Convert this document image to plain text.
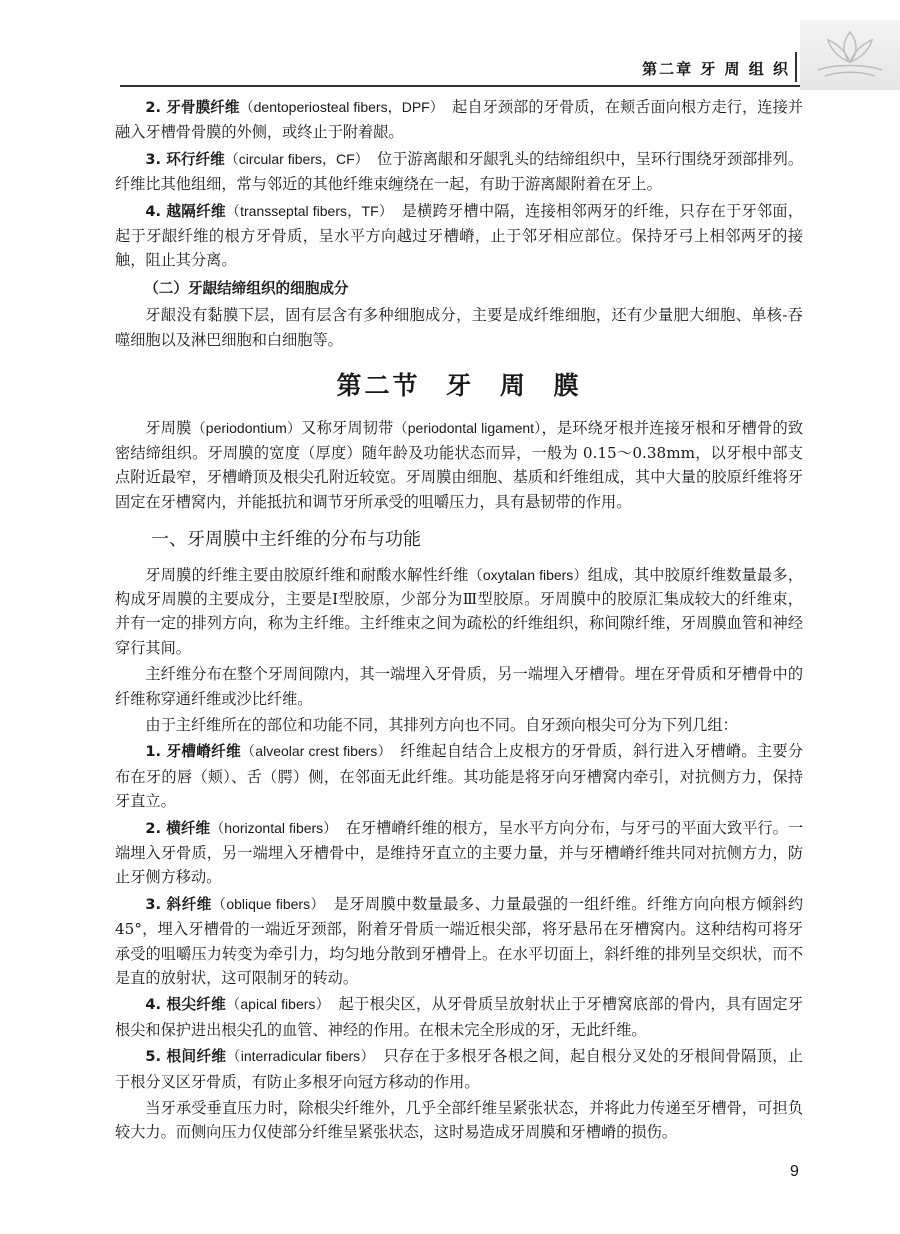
第二章 牙 周 组 织

2. 牙骨膜纤维（dentoperiosteal fibers，DPF）　 起自牙颈部的牙骨质，在颊舌面向根方走行，连接并融入牙槽骨骨膜的外侧，或终止于附着龈。

3. 环行纤维（circular fibers，CF）　 位于游离龈和牙龈乳头的结缔组织中，呈环行围绕牙颈部排列。纤维比其他组细，常与邻近的其他纤维束缠绕在一起，有助于游离龈附着在牙上。

4. 越隔纤维（transseptal fibers，TF）　 是横跨牙槽中隔，连接相邻两牙的纤维，只存在于牙邻面，起于牙龈纤维的根方牙骨质，呈水平方向越过牙槽嵴，止于邻牙相应部位。保持牙弓上相邻两牙的接触，阻止其分离。

（二）牙龈结缔组织的细胞成分

牙龈没有黏膜下层，固有层含有多种细胞成分，主要是成纤维细胞，还有少量肥大细胞、单核-吞噬细胞以及淋巴细胞和白细胞等。

第二节 牙 周 膜

牙周膜（periodontium）又称牙周韧带（periodontal ligament），是环绕牙根并连接牙根和牙槽骨的致密结缔组织。牙周膜的宽度（厚度）随年龄及功能状态而异，一般为 0.15～0.38mm，以牙根中部支点附近最窄，牙槽嵴顶及根尖孔附近较宽。牙周膜由细胞、基质和纤维组成，其中大量的胶原纤维将牙固定在牙槽窝内，并能抵抗和调节牙所承受的咀嚼压力，具有悬韧带的作用。

一、牙周膜中主纤维的分布与功能

牙周膜的纤维主要由胶原纤维和耐酸水解性纤维（oxytalan fibers）组成，其中胶原纤维数量最多，构成牙周膜的主要成分，主要是Ⅰ型胶原，少部分为Ⅲ型胶原。牙周膜中的胶原汇集成较大的纤维束，并有一定的排列方向，称为主纤维。主纤维束之间为疏松的纤维组织，称间隙纤维，牙周膜血管和神经穿行其间。

主纤维分布在整个牙周间隙内，其一端埋入牙骨质，另一端埋入牙槽骨。埋在牙骨质和牙槽骨中的纤维称穿通纤维或沙比纤维。

由于主纤维所在的部位和功能不同，其排列方向也不同。自牙颈向根尖可分为下列几组：

1. 牙槽嵴纤维（alveolar crest fibers）　 纤维起自结合上皮根方的牙骨质，斜行进入牙槽嵴。主要分布在牙的唇（颊）、舌（腭）侧，在邻面无此纤维。其功能是将牙向牙槽窝内牵引，对抗侧方力，保持牙直立。

2. 横纤维（horizontal fibers）　 在牙槽嵴纤维的根方，呈水平方向分布，与牙弓的平面大致平行。一端埋入牙骨质，另一端埋入牙槽骨中，是维持牙直立的主要力量，并与牙槽嵴纤维共同对抗侧方力，防止牙侧方移动。

3. 斜纤维（oblique fibers）　 是牙周膜中数量最多、力量最强的一组纤维。纤维方向向根方倾斜约 45°，埋入牙槽骨的一端近牙颈部，附着牙骨质一端近根尖部，将牙悬吊在牙槽窝内。这种结构可将牙承受的咀嚼压力转变为牵引力，均匀地分散到牙槽骨上。在水平切面上，斜纤维的排列呈交织状，而不是直的放射状，这可限制牙的转动。

4. 根尖纤维（apical fibers）　 起于根尖区，从牙骨质呈放射状止于牙槽窝底部的骨内，具有固定牙根尖和保护进出根尖孔的血管、神经的作用。在根未完全形成的牙，无此纤维。

5. 根间纤维（interradicular fibers）　 只存在于多根牙各根之间，起自根分叉处的牙根间骨隔顶，止于根分叉区牙骨质，有防止多根牙向冠方移动的作用。

当牙承受垂直压力时，除根尖纤维外，几乎全部纤维呈紧张状态，并将此力传递至牙槽骨，可担负较大力。而侧向压力仅使部分纤维呈紧张状态，这时易造成牙周膜和牙槽嵴的损伤。

9
